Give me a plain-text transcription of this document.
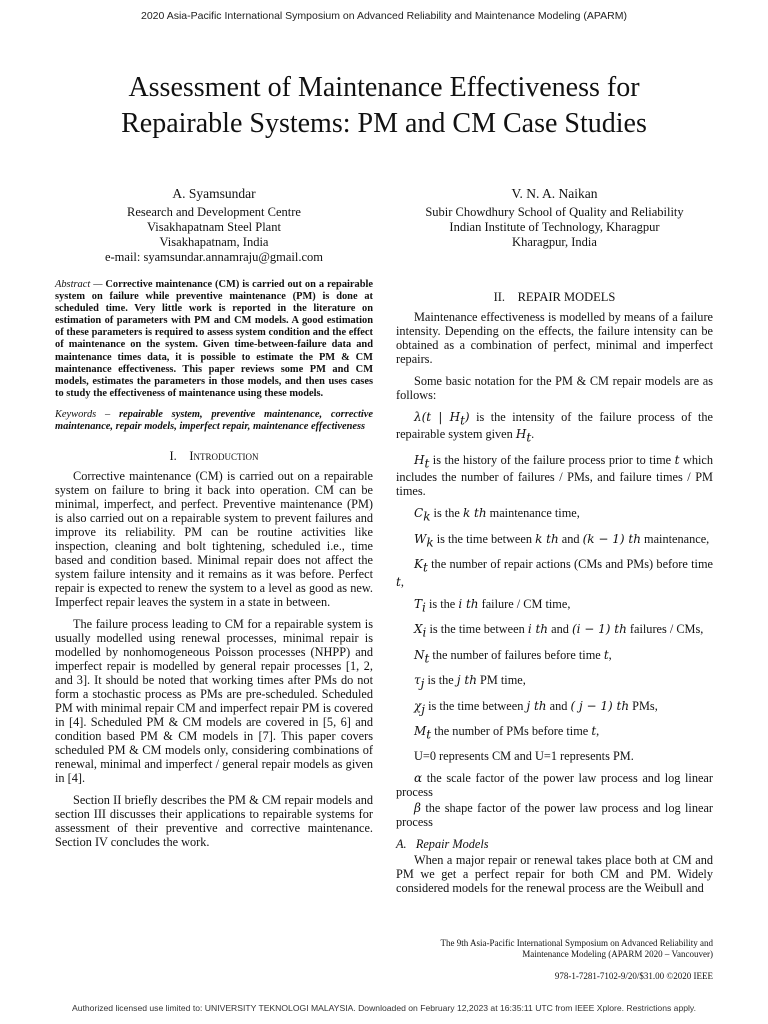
2020 Asia-Pacific International Symposium on Advanced Reliability and Maintenance Modeling (APARM)
Assessment of Maintenance Effectiveness for
Repairable Systems: PM and CM Case Studies
A. Syamsundar
Research and Development Centre
Visakhapatnam Steel Plant
Visakhapatnam, India
e-mail: syamsundar.annamraju@gmail.com
V. N. A. Naikan
Subir Chowdhury School of Quality and Reliability
Indian Institute of Technology, Kharagpur
Kharagpur, India
Abstract — Corrective maintenance (CM) is carried out on a repairable system on failure while preventive maintenance (PM) is done at scheduled time. Very little work is reported in the literature on estimation of parameters with PM and CM models. A good estimation of these parameters is required to assess system condition and the effect of maintenance on the system. Given time-between-failure data and maintenance times data, it is possible to estimate the PM & CM maintenance effectiveness. This paper reviews some PM and CM models, estimates the parameters in those models, and then uses cases to study the effectiveness of maintenance using these models.
Keywords – repairable system, preventive maintenance, corrective maintenance, repair models, imperfect repair, maintenance effectiveness
I. Introduction

Corrective maintenance (CM) is carried out on a repairable system on failure to bring it back into operation. CM can be minimal, imperfect, and perfect. Preventive maintenance (PM) is also carried out on a repairable system to prevent failures and improve its reliability. PM can be routine activities like inspection, cleaning and bolt tightening, scheduled i.e., time based and condition based. Minimal repair does not affect the system failure intensity and it remains as it was before. Perfect repair is expected to renew the system to a level as good as new. Imperfect repair leaves the system in a state in between.

The failure process leading to CM for a repairable system is usually modelled using renewal processes, minimal repair is modelled by nonhomogeneous Poisson processes (NHPP) and imperfect repair is modelled by general repair processes [1, 2, and 3]. It should be noted that working times after PMs do not form a stochastic process as PMs are pre-scheduled. Scheduled PM with minimal repair CM and imperfect repair PM is covered in [4]. Scheduled PM & CM models are covered in [5, 6] and condition based PM & CM models in [7]. This paper covers scheduled PM & CM models only, considering combinations of renewal, minimal and imperfect / general repair models as given in [4].

Section II briefly describes the PM & CM repair models and section III discusses their applications to repairable systems for assessment of their preventive and corrective maintenance. Section IV concludes the work.

II. REPAIR MODELS

Maintenance effectiveness is modelled by means of a failure intensity. Depending on the effects, the failure intensity can be obtained as a combination of perfect, minimal and imperfect repairs.

Some basic notation for the PM & CM repair models are as follows:

λ(t | $H_t$) is the intensity of the failure process of the repairable system given $H_t$.
$H_t$ is the history of the failure process prior to time t which includes the number of failures / PMs, and failure times / PM times.
$C_k$ is the k th maintenance time,
$W_k$ is the time between k th and (k − 1) th maintenance,
$K_t$ the number of repair actions (CMs and PMs) before time t,
$T_i$ is the i th failure / CM time,
$X_i$ is the time between i th and (i − 1) th failures / CMs,
$N_t$ the number of failures before time t,
$\tau_j$ is the j th PM time,
$\chi_j$ is the time between j th and ( j − 1) th PMs,
$M_t$ the number of PMs before time t,
U=0 represents CM and U=1 represents PM.
α the scale factor of the power law process and log linear process
β the shape factor of the power law process and log linear process
A. Repair Models

When a major repair or renewal takes place both at CM and PM we get a perfect repair for both CM and PM. Widely considered models for the renewal process are the Weibull and

The 9th Asia-Pacific International Symposium on Advanced Reliability and
Maintenance Modeling (APARM 2020 – Vancouver)
978-1-7281-7102-9/20/$31.00 ©2020 IEEE
Authorized licensed use limited to: UNIVERSITY TEKNOLOGI MALAYSIA. Downloaded on February 12,2023 at 16:35:11 UTC from IEEE Xplore. Restrictions apply.
